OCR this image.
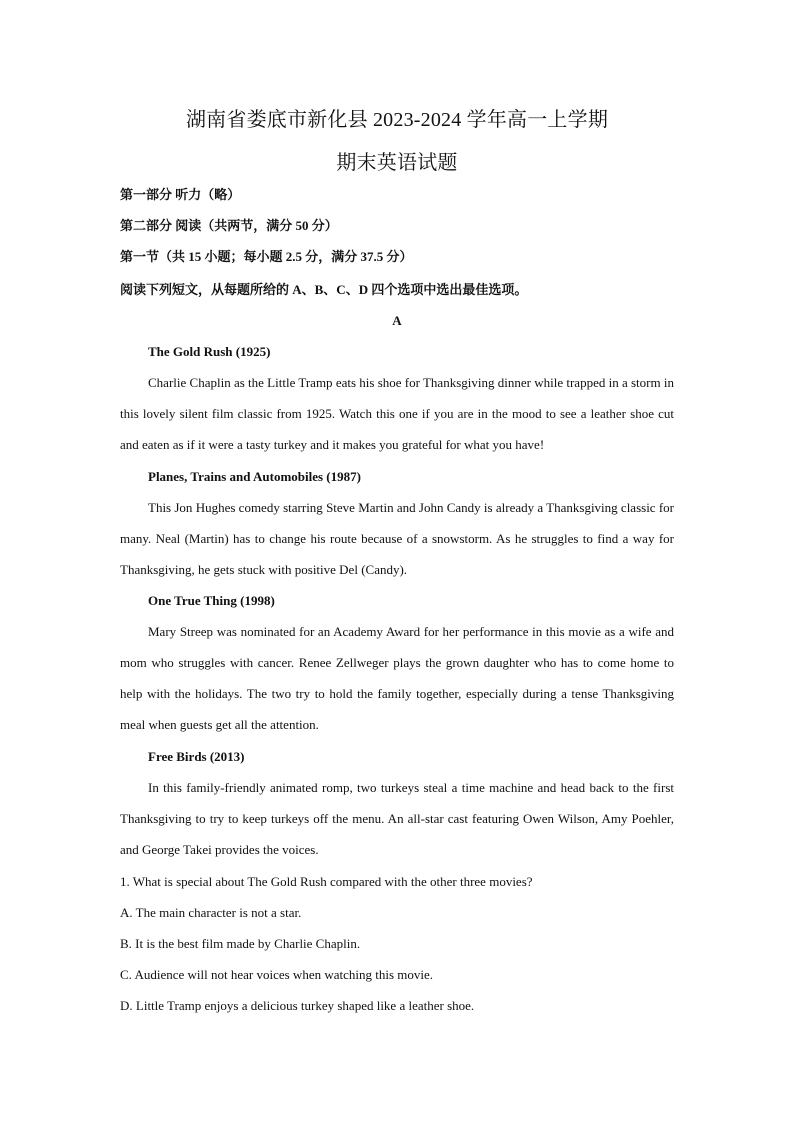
湖南省娄底市新化县 2023-2024 学年高一上学期
期末英语试题
第一部分 听力（略）
第二部分 阅读（共两节，满分 50 分）
第一节（共 15 小题；每小题 2.5 分，满分 37.5 分）
阅读下列短文，从每题所给的 A、B、C、D 四个选项中选出最佳选项。
A
The Gold Rush (1925)
Charlie Chaplin as the Little Tramp eats his shoe for Thanksgiving dinner while trapped in a storm in this lovely silent film classic from 1925. Watch this one if you are in the mood to see a leather shoe cut and eaten as if it were a tasty turkey and it makes you grateful for what you have!
Planes, Trains and Automobiles (1987)
This Jon Hughes comedy starring Steve Martin and John Candy is already a Thanksgiving classic for many. Neal (Martin) has to change his route because of a snowstorm. As he struggles to find a way for Thanksgiving, he gets stuck with positive Del (Candy).
One True Thing (1998)
Mary Streep was nominated for an Academy Award for her performance in this movie as a wife and mom who struggles with cancer. Renee Zellweger plays the grown daughter who has to come home to help with the holidays. The two try to hold the family together, especially during a tense Thanksgiving meal when guests get all the attention.
Free Birds (2013)
In this family-friendly animated romp, two turkeys steal a time machine and head back to the first Thanksgiving to try to keep turkeys off the menu. An all-star cast featuring Owen Wilson, Amy Poehler, and George Takei provides the voices.
1. What is special about The Gold Rush compared with the other three movies?
A. The main character is not a star.
B. It is the best film made by Charlie Chaplin.
C. Audience will not hear voices when watching this movie.
D. Little Tramp enjoys a delicious turkey shaped like a leather shoe.
